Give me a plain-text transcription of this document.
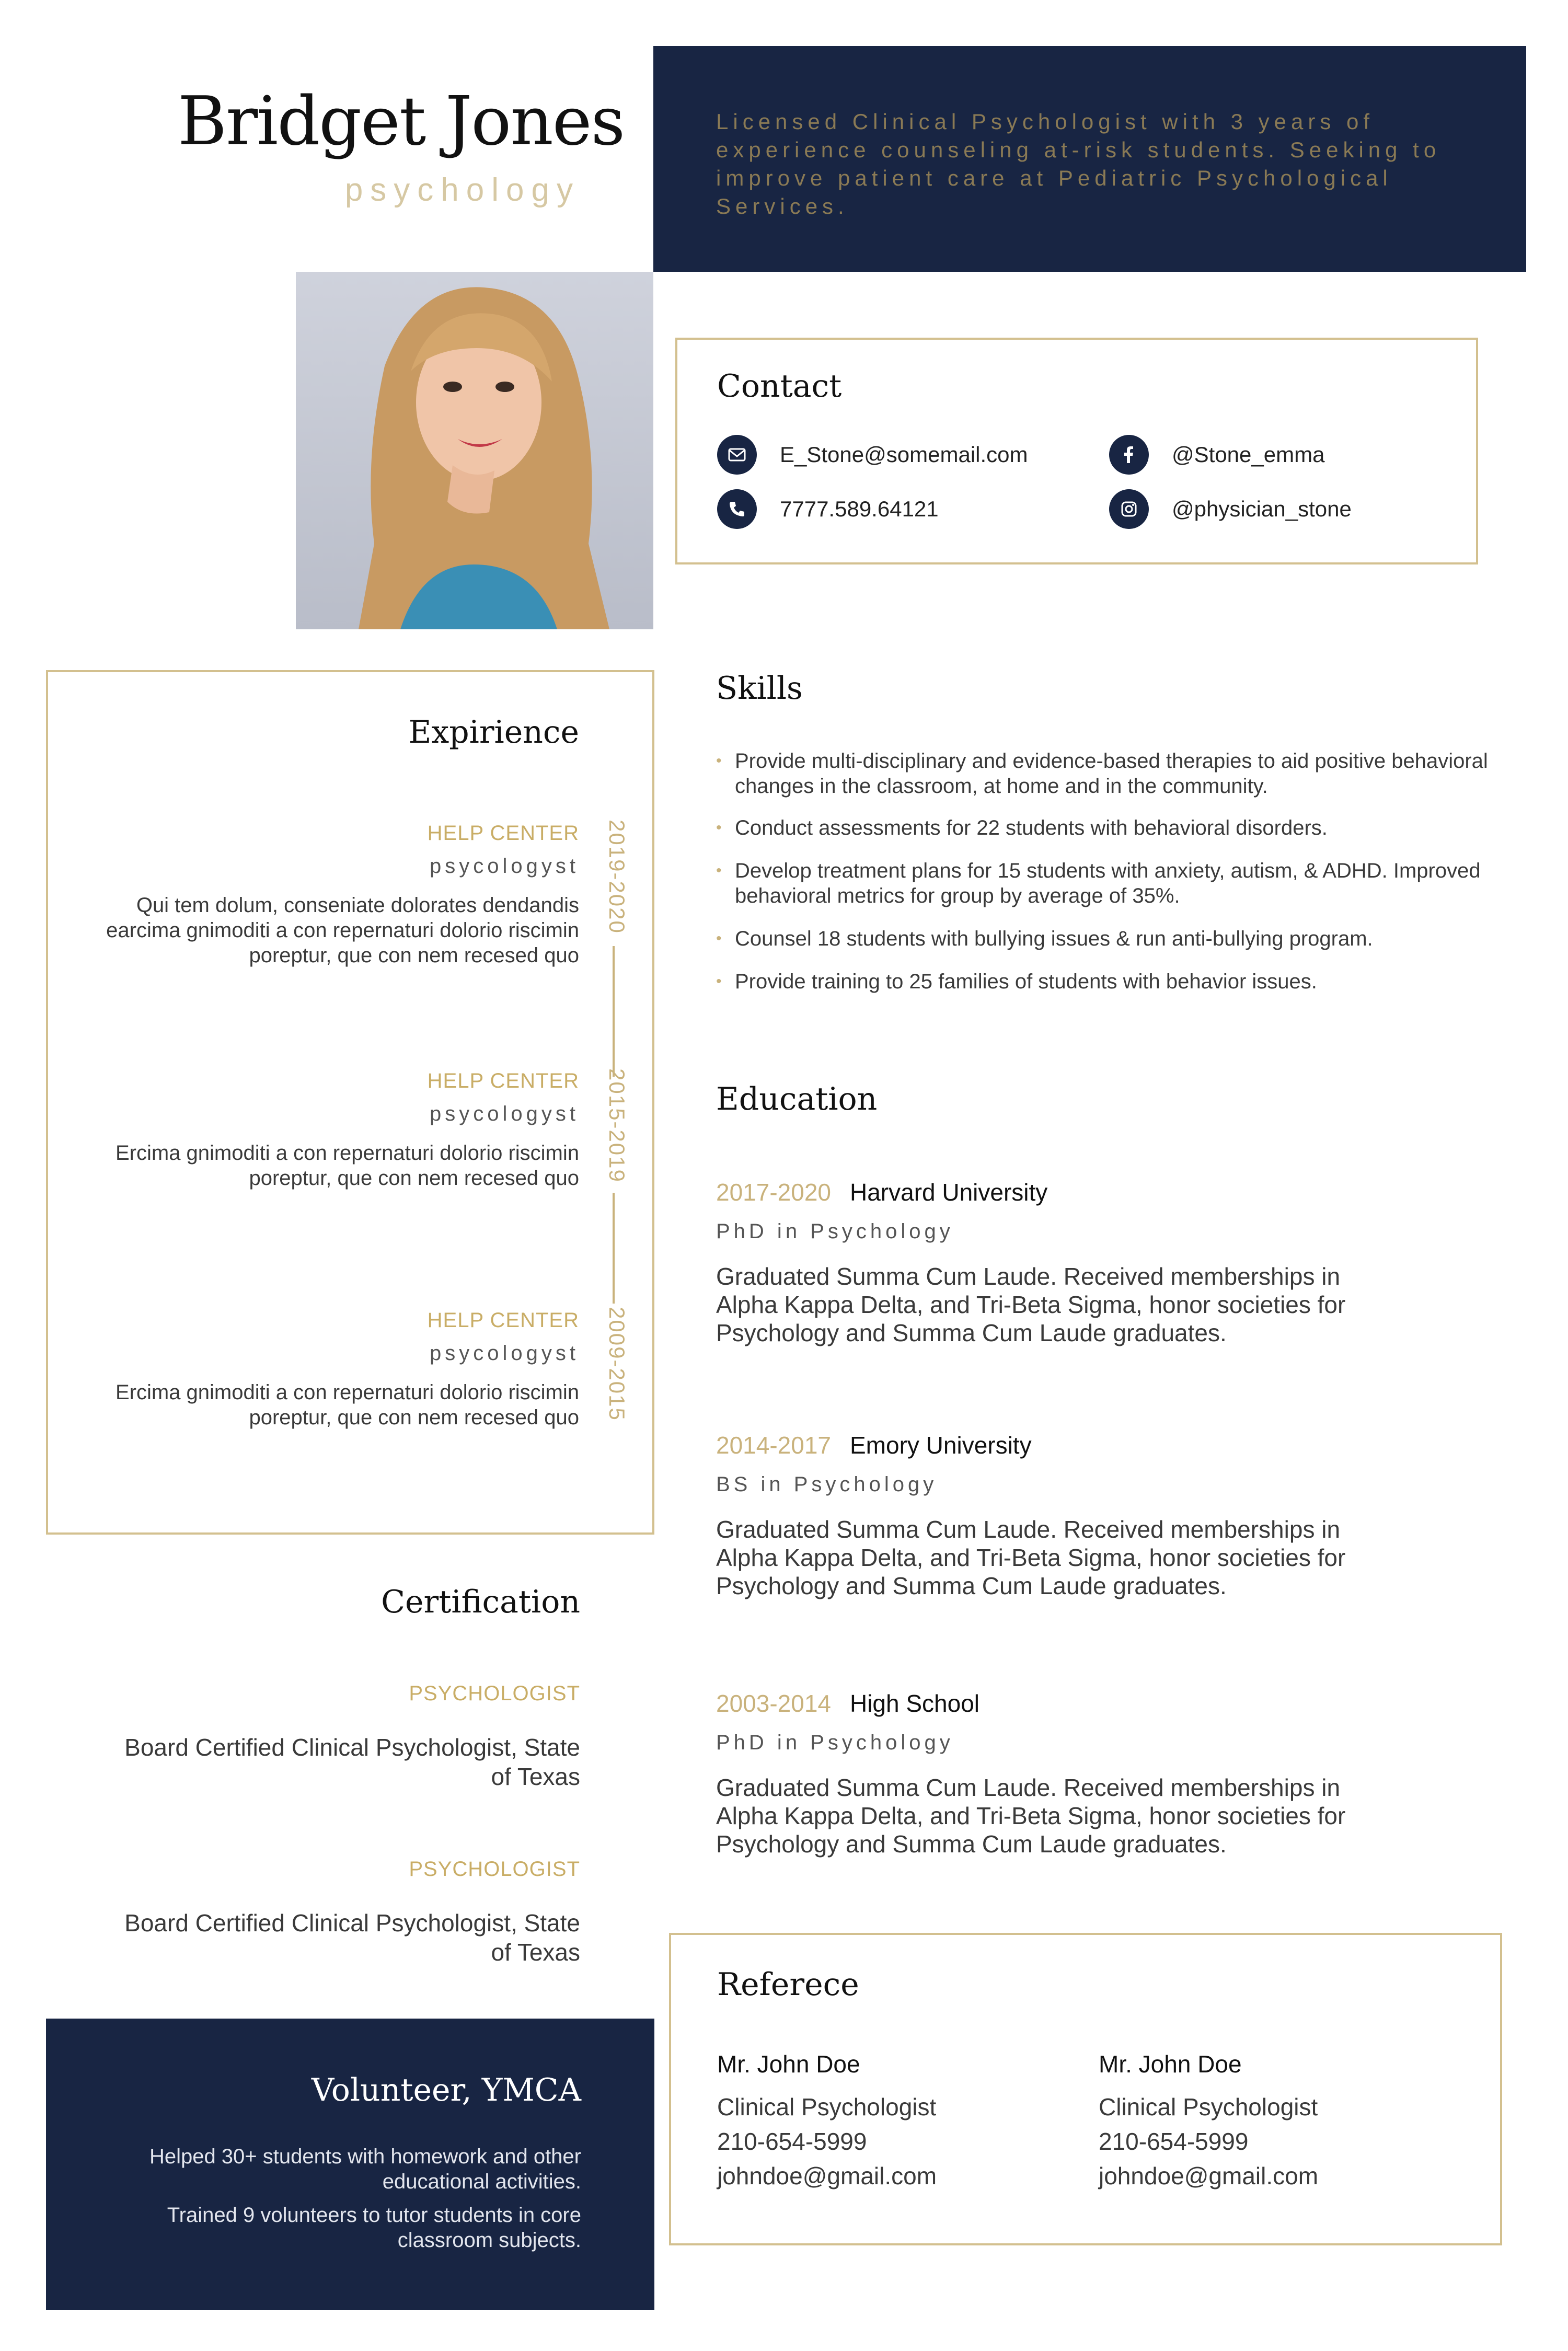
Bridget Jones
psychology
Licensed Clinical Psychologist with 3 years of experience counseling at-risk students. Seeking to improve patient care at Pediatric Psychological Services.
Contact
E_Stone@somemail.com
7777.589.64121
@Stone_emma
@physician_stone
Expirience
HELP CENTER
psycologyst
Qui tem dolum, conseniate dolorates dendandis earcima gnimoditi a con repernaturi dolorio riscimin poreptur, que con nem recesed quo
2019-2020
HELP CENTER
psycologyst
Ercima gnimoditi a con repernaturi dolorio riscimin poreptur, que con nem recesed quo	2015-2019
HELP CENTER
psycologyst
Ercima gnimoditi a con repernaturi dolorio riscimin poreptur, que con nem recesed quo	2009-2015
Certification
PSYCHOLOGIST
Board Certified Clinical Psychologist, State of Texas
PSYCHOLOGIST
Board Certified Clinical Psychologist, State of Texas
Volunteer, YMCA
Helped 30+ students with homework and other educational activities.
Trained 9 volunteers to tutor students in core classroom subjects.
Skills
• Provide multi-disciplinary and evidence-based therapies to aid positive behavioral changes in the classroom, at home and in the community.
• Conduct assessments for 22 students with behavioral disorders.
• Develop treatment plans for 15 students with anxiety, autism, & ADHD. Improved behavioral metrics for group by average of 35%.
• Counsel 18 students with bullying issues & run anti-bullying program.
• Provide training to 25 families of students with behavior issues.
Education
2017-2020 Harvard University
PhD in Psychology
Graduated Summa Cum Laude. Received memberships in Alpha Kappa Delta, and Tri-Beta Sigma, honor societies for Psychology and Summa Cum Laude graduates.
2014-2017 Emory University
BS in Psychology
Graduated Summa Cum Laude. Received memberships in Alpha Kappa Delta, and Tri-Beta Sigma, honor societies for Psychology and Summa Cum Laude graduates.
2003-2014 High School
PhD in Psychology
Graduated Summa Cum Laude. Received memberships in Alpha Kappa Delta, and Tri-Beta Sigma, honor societies for Psychology and Summa Cum Laude graduates.
Referece
Mr. John Doe
Clinical Psychologist
210-654-5999
johndoe@gmail.com
Mr. John Doe
Clinical Psychologist
210-654-5999
johndoe@gmail.com
